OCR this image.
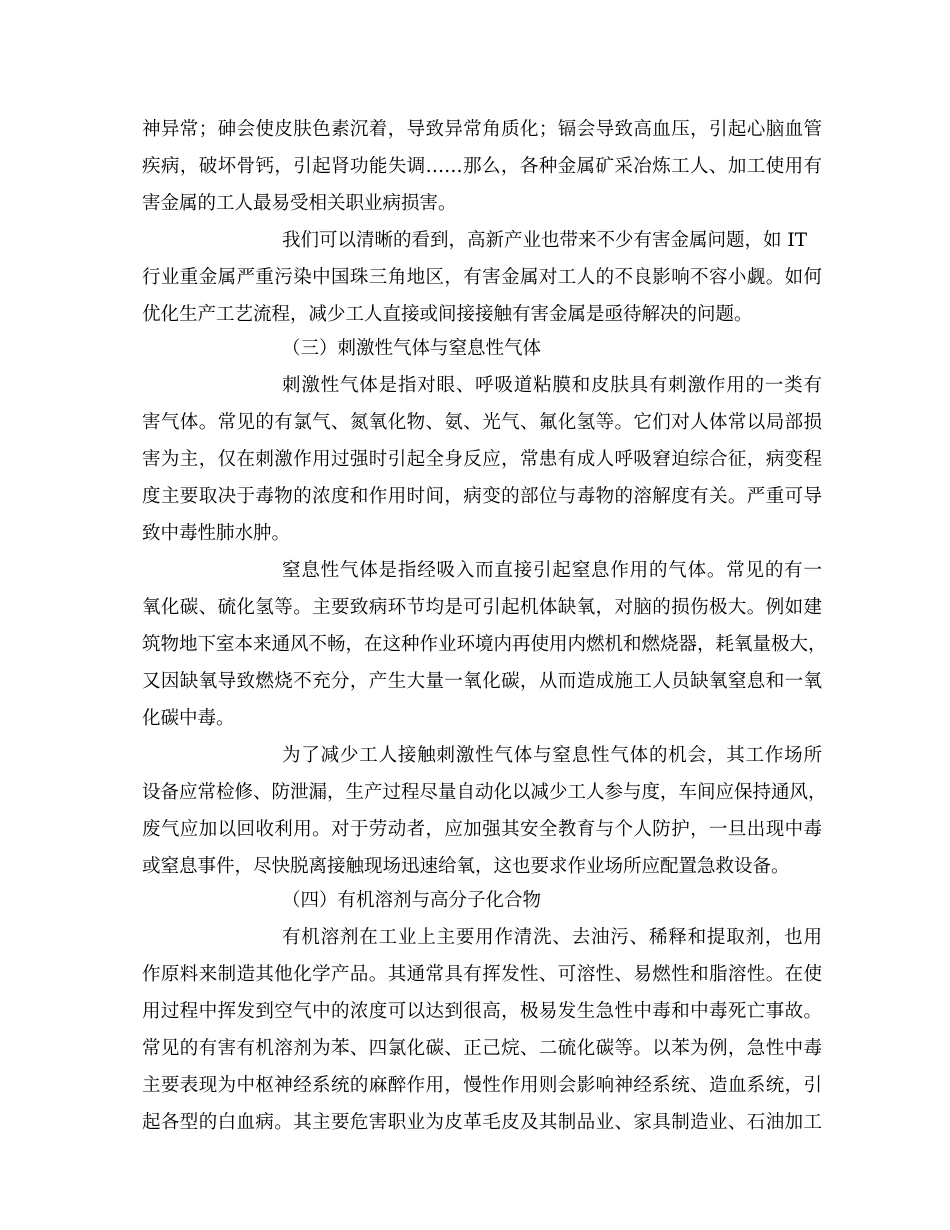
神异常；砷会使皮肤色素沉着，导致异常角质化；镉会导致高血压，引起心脑血管
疾病，破坏骨钙，引起肾功能失调……那么，各种金属矿采冶炼工人、加工使用有
害金属的工人最易受相关职业病损害。
我们可以清晰的看到，高新产业也带来不少有害金属问题，如 IT
行业重金属严重污染中国珠三角地区，有害金属对工人的不良影响不容小觑。如何
优化生产工艺流程，减少工人直接或间接接触有害金属是亟待解决的问题。
（三）刺激性气体与窒息性气体
刺激性气体是指对眼、呼吸道粘膜和皮肤具有刺激作用的一类有
害气体。常见的有氯气、氮氧化物、氨、光气、氟化氢等。它们对人体常以局部损
害为主，仅在刺激作用过强时引起全身反应，常患有成人呼吸窘迫综合征，病变程
度主要取决于毒物的浓度和作用时间，病变的部位与毒物的溶解度有关。严重可导
致中毒性肺水肿。
窒息性气体是指经吸入而直接引起窒息作用的气体。常见的有一
氧化碳、硫化氢等。主要致病环节均是可引起机体缺氧，对脑的损伤极大。例如建
筑物地下室本来通风不畅，在这种作业环境内再使用内燃机和燃烧器，耗氧量极大，
又因缺氧导致燃烧不充分，产生大量一氧化碳，从而造成施工人员缺氧窒息和一氧
化碳中毒。
为了减少工人接触刺激性气体与窒息性气体的机会，其工作场所
设备应常检修、防泄漏，生产过程尽量自动化以减少工人参与度，车间应保持通风，
废气应加以回收利用。对于劳动者，应加强其安全教育与个人防护，一旦出现中毒
或窒息事件，尽快脱离接触现场迅速给氧，这也要求作业场所应配置急救设备。
（四）有机溶剂与高分子化合物
有机溶剂在工业上主要用作清洗、去油污、稀释和提取剂，也用
作原料来制造其他化学产品。其通常具有挥发性、可溶性、易燃性和脂溶性。在使
用过程中挥发到空气中的浓度可以达到很高，极易发生急性中毒和中毒死亡事故。
常见的有害有机溶剂为苯、四氯化碳、正己烷、二硫化碳等。以苯为例，急性中毒
主要表现为中枢神经系统的麻醉作用，慢性作用则会影响神经系统、造血系统，引
起各型的白血病。其主要危害职业为皮革毛皮及其制品业、家具制造业、石油加工
